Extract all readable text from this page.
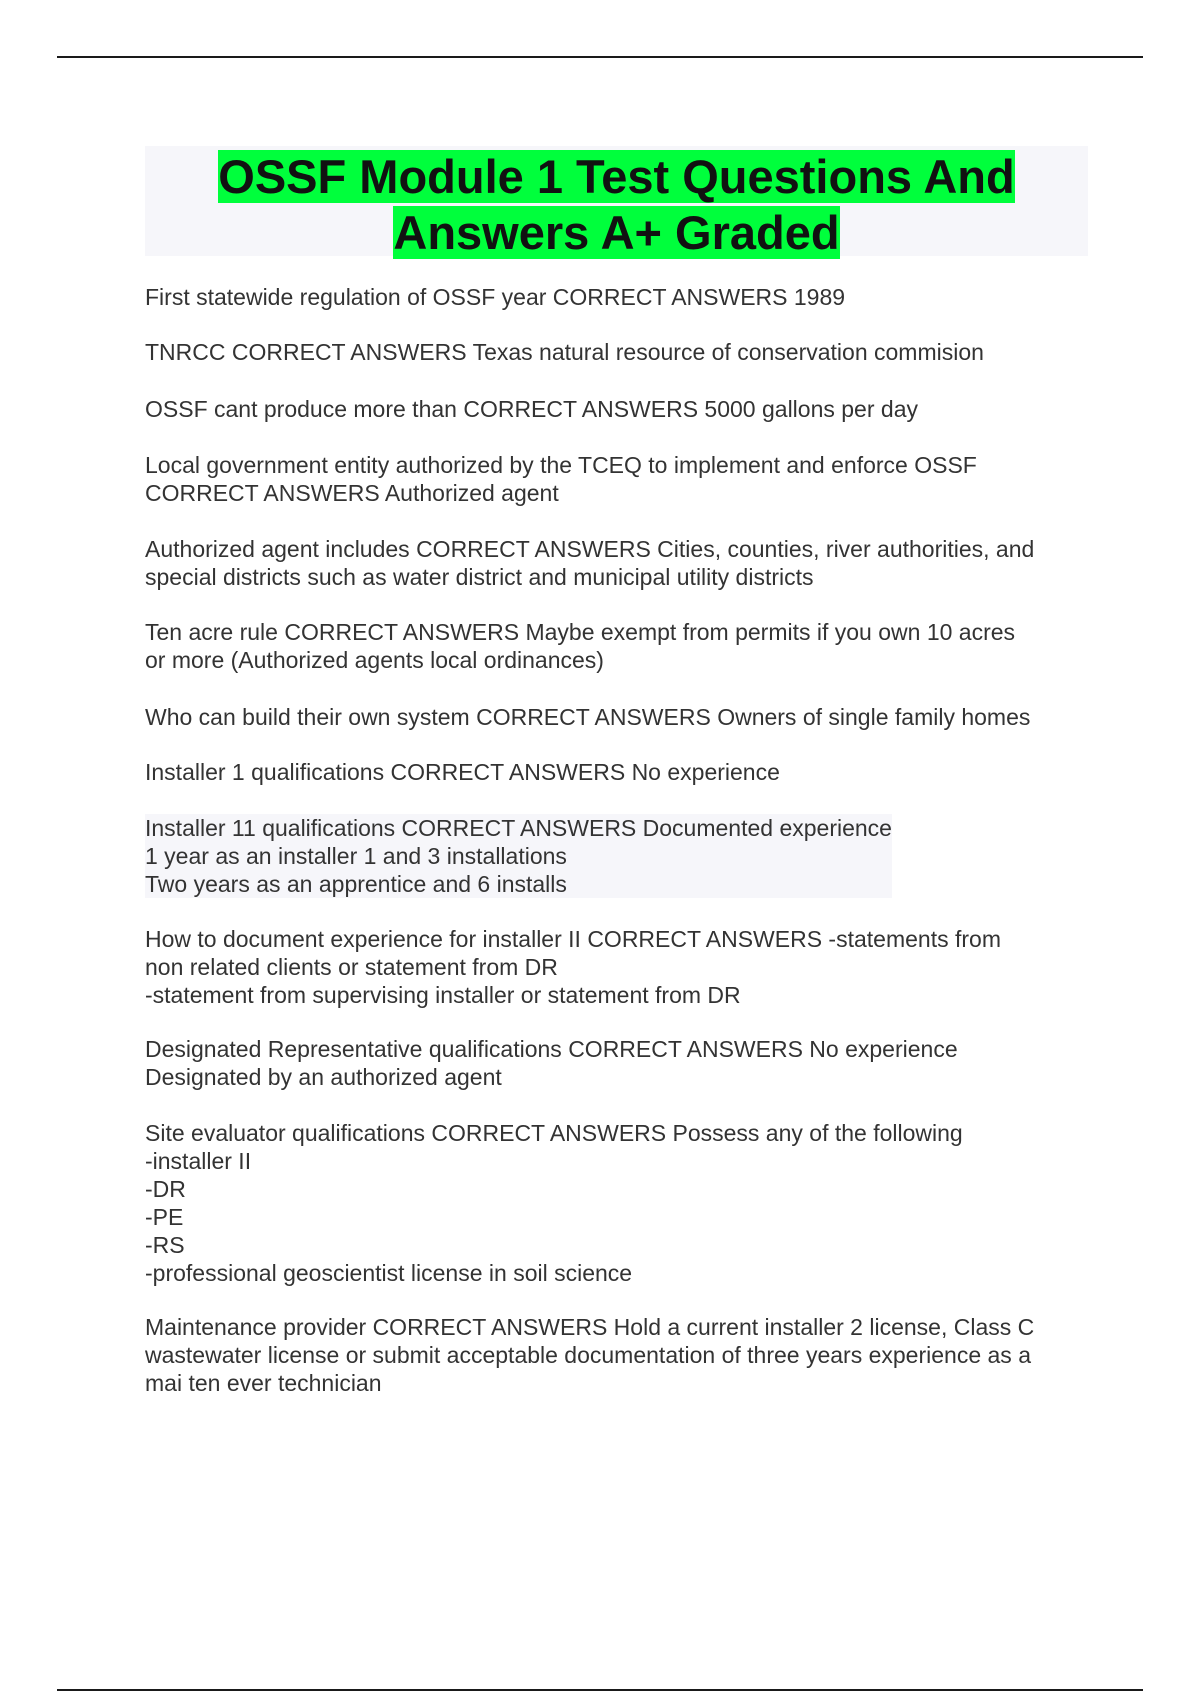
OSSF Module 1 Test Questions And Answers A+ Graded

First statewide regulation of OSSF year CORRECT ANSWERS 1989

TNRCC CORRECT ANSWERS Texas natural resource of conservation commision

OSSF cant produce more than CORRECT ANSWERS 5000 gallons per day

Local government entity authorized by the TCEQ to implement and enforce OSSF
CORRECT ANSWERS Authorized agent

Authorized agent includes CORRECT ANSWERS Cities, counties, river authorities, and
special districts such as water district and municipal utility districts

Ten acre rule CORRECT ANSWERS Maybe exempt from permits if you own 10 acres
or more (Authorized agents local ordinances)

Who can build their own system CORRECT ANSWERS Owners of single family homes

Installer 1 qualifications CORRECT ANSWERS No experience

Installer 11 qualifications CORRECT ANSWERS Documented experience
1 year as an installer 1 and 3 installations
Two years as an apprentice and 6 installs

How to document experience for installer II CORRECT ANSWERS -statements from
non related clients or statement from DR
-statement from supervising installer or statement from DR

Designated Representative qualifications CORRECT ANSWERS No experience
Designated by an authorized agent

Site evaluator qualifications CORRECT ANSWERS Possess any of the following
-installer II
-DR
-PE
-RS
-professional geoscientist license in soil science

Maintenance provider CORRECT ANSWERS Hold a current installer 2 license, Class C
wastewater license or submit acceptable documentation of three years experience as a
mai ten ever technician
